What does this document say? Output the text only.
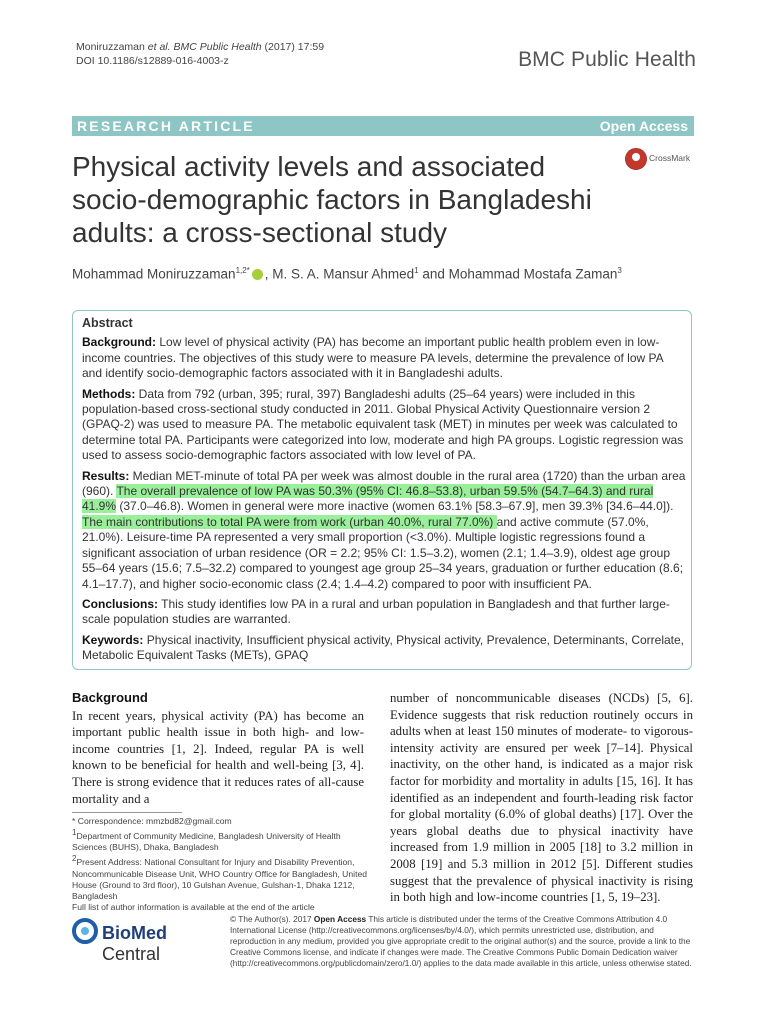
Moniruzzaman et al. BMC Public Health (2017) 17:59
DOI 10.1186/s12889-016-4003-z	BMC Public Health
RESEARCH ARTICLE	Open Access
Physical activity levels and associated socio-demographic factors in Bangladeshi adults: a cross-sectional study
CrossMark
Mohammad Moniruzzaman$^{1,2*}$ , M. S. A. Mansur Ahmed$^1$ and Mohammad Mostafa Zaman$^3$

Abstract

Background: Low level of physical activity (PA) has become an important public health problem even in low-income countries. The objectives of this study were to measure PA levels, determine the prevalence of low PA and identify socio-demographic factors associated with it in Bangladeshi adults.

Methods: Data from 792 (urban, 395; rural, 397) Bangladeshi adults (25–64 years) were included in this population-based cross-sectional study conducted in 2011. Global Physical Activity Questionnaire version 2 (GPAQ-2) was used to measure PA. The metabolic equivalent task (MET) in minutes per week was calculated to determine total PA. Participants were categorized into low, moderate and high PA groups. Logistic regression was used to assess socio-demographic factors associated with low level of PA.

Results: Median MET-minute of total PA per week was almost double in the rural area (1720) than the urban area (960). The overall prevalence of low PA was 50.3% (95% CI: 46.8–53.8), urban 59.5% (54.7–64.3) and rural 41.9% (37.0–46.8). Women in general were more inactive (women 63.1% [58.3–67.9], men 39.3% [34.6–44.0]). The main contributions to total PA were from work (urban 40.0%, rural 77.0%) and active commute (57.0%, 21.0%). Leisure-time PA represented a very small proportion (<3.0%). Multiple logistic regressions found a significant association of urban residence (OR = 2.2; 95% CI: 1.5–3.2), women (2.1; 1.4–3.9), oldest age group 55–64 years (15.6; 7.5–32.2) compared to youngest age group 25–34 years, graduation or further education (8.6; 4.1–17.7), and higher socio-economic class (2.4; 1.4–4.2) compared to poor with insufficient PA.

Conclusions: This study identifies low PA in a rural and urban population in Bangladesh and that further large-scale population studies are warranted.

Keywords: Physical inactivity, Insufficient physical activity, Physical activity, Prevalence, Determinants, Correlate, Metabolic Equivalent Tasks (METs), GPAQ

Background

In recent years, physical activity (PA) has become an important public health issue in both high- and low-income countries [1, 2]. Indeed, regular PA is well known to be beneficial for health and well-being [3, 4]. There is strong evidence that it reduces rates of all-cause mortality and a

number of noncommunicable diseases (NCDs) [5, 6]. Evidence suggests that risk reduction routinely occurs in adults when at least 150 minutes of moderate- to vigorous-intensity activity are ensured per week [7–14]. Physical inactivity, on the other hand, is indicated as a major risk factor for morbidity and mortality in adults [15, 16]. It has identified as an independent and fourth-leading risk factor for global mortality (6.0% of global deaths) [17]. Over the years global deaths due to physical inactivity have increased from 1.9 million in 2005 [18] to 3.2 million in 2008 [19] and 5.3 million in 2012 [5]. Different studies suggest that the prevalence of physical inactivity is rising in both high and low-income countries [1, 5, 19–23].

* Correspondence: mmzbd82@gmail.com

$^1$Department of Community Medicine, Bangladesh University of Health Sciences (BUHS), Dhaka, Bangladesh

$^2$Present Address: National Consultant for Injury and Disability Prevention, Noncommunicable Disease Unit, WHO Country Office for Bangladesh, United House (Ground to 3rd floor), 10 Gulshan Avenue, Gulshan-1, Dhaka 1212, Bangladesh

Full list of author information is available at the end of the article

BioMed Central
© The Author(s). 2017 Open Access This article is distributed under the terms of the Creative Commons Attribution 4.0 International License (http://creativecommons.org/licenses/by/4.0/), which permits unrestricted use, distribution, and reproduction in any medium, provided you give appropriate credit to the original author(s) and the source, provide a link to the Creative Commons license, and indicate if changes were made. The Creative Commons Public Domain Dedication waiver (http://creativecommons.org/publicdomain/zero/1.0/) applies to the data made available in this article, unless otherwise stated.
